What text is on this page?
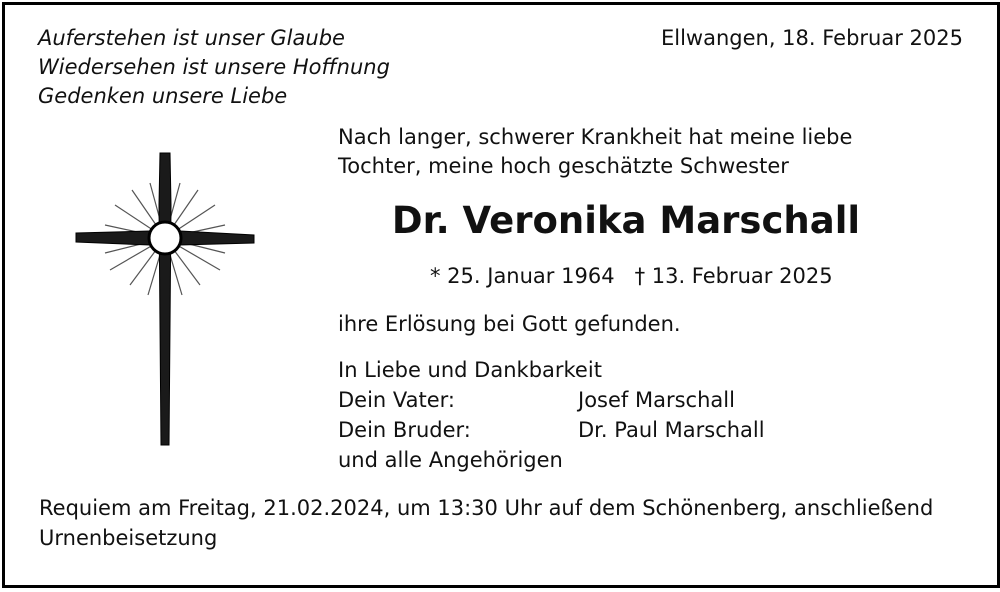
Auferstehen ist unser Glaube
Wiedersehen ist unsere Hoffnung
Gedenken unsere Liebe
Ellwangen, 18. Februar 2025
Nach langer, schwerer Krankheit hat meine liebe
Tochter, meine hoch geschätzte Schwester
Dr. Veronika Marschall
* 25. Januar 1964 † 13. Februar 2025
ihre Erlösung bei Gott gefunden.
In Liebe und Dankbarkeit
Dein Vater:	Josef Marschall
Dein Bruder:	Dr. Paul Marschall
und alle Angehörigen
Requiem am Freitag, 21.02.2024, um 13:30 Uhr auf dem Schönenberg, anschließend
Urnenbeisetzung
